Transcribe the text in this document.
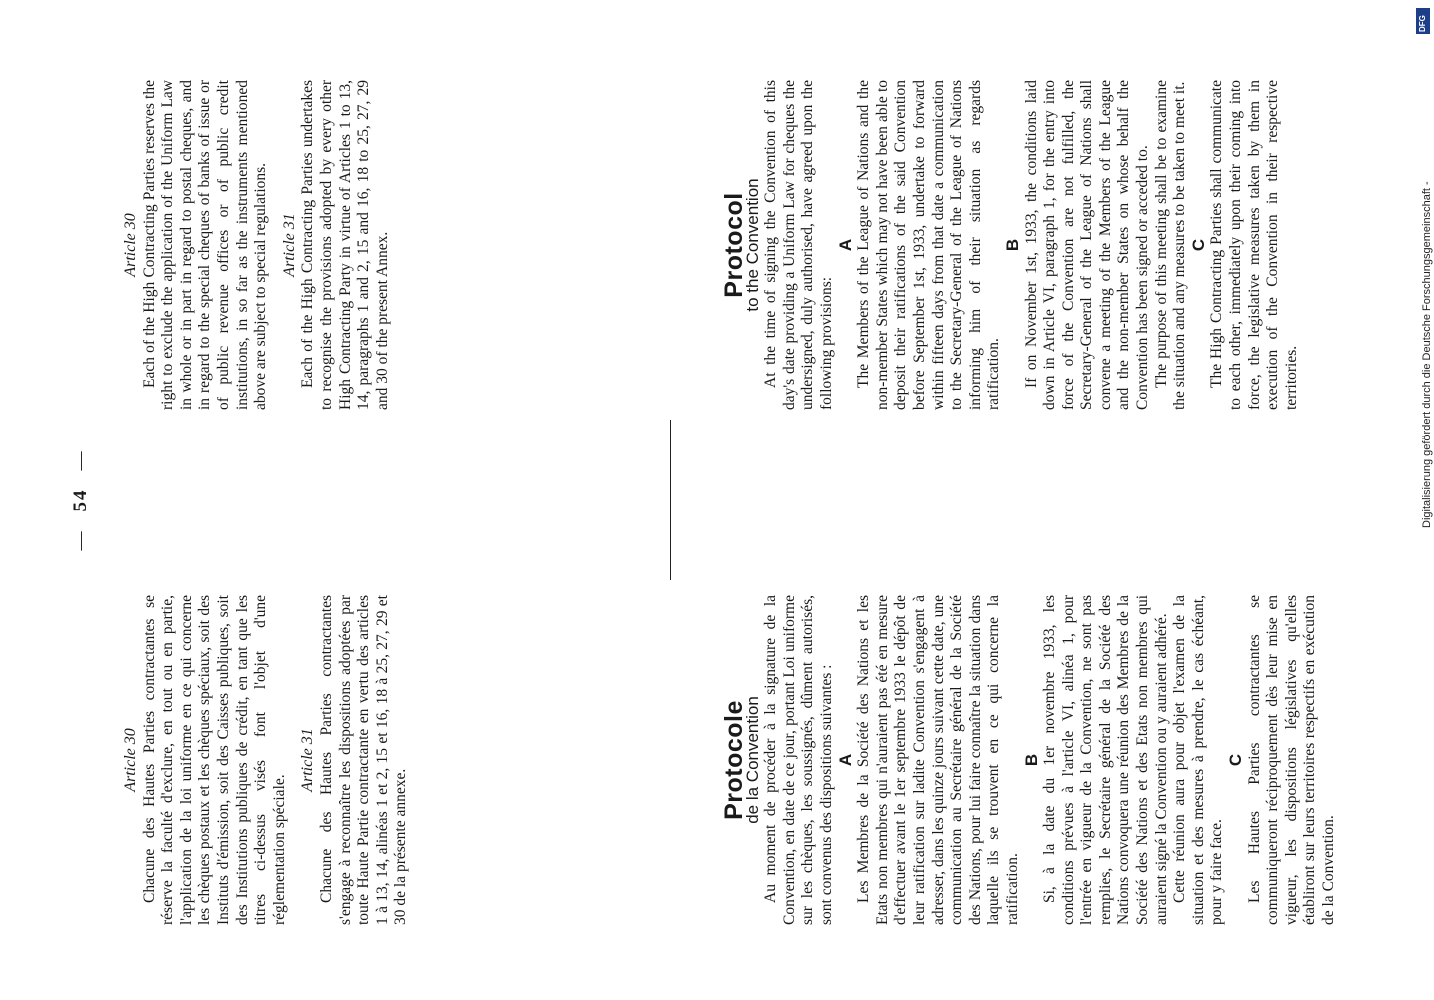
—54—

Article 30 Chacune des Hautes Parties contractantes se réserve la faculté d'exclure, en tout ou en partie, l'application de la loi uniforme en ce qui concerne les chèques postaux et les chèques spéciaux, soit des Instituts d'émission, soit des Caisses publiques, soit des Institutions publiques de crédit, en tant que les titres ci-dessus visés font l'objet d'une réglementation spéciale.

Article 31 Chacune des Hautes Parties contractantes s'engage à reconnaître les dispositions adoptées par toute Haute Partie contractante en vertu des articles 1 à 13, 14, alinéas 1 et 2, 15 et 16, 18 à 25, 27, 29 et 30 de la présente annexe.

Protocole

de la Convention Au moment de procéder à la signature de la Convention, en date de ce jour, portant Loi uniforme sur les chèques, les soussignés, dûment autorisés, sont convenus des dispositions suivantes : A Les Membres de la Société des Nations et les Etats non membres qui n'auraient pas été en mesure d'effectuer avant le 1er septembre 1933 le dépôt de leur ratification sur ladite Convention s'engagent à adresser, dans les quinze jours suivant cette date, une communication au Secrétaire général de la Société des Nations, pour lui faire connaître la situation dans laquelle ils se trouvent en ce qui concerne la ratification.

B Si, à la date du 1er novembre 1933, les conditions prévues à l'article VI, alinéa 1, pour l'entrée en vigueur de la Convention, ne sont pas remplies, le Secrétaire général de la Société des Nations convoquera une réunion des Membres de la Société des Nations et des Etats non membres qui auraient signé la Convention ou y auraient adhéré. Cette réunion aura pour objet l'examen de la situation et des mesures à prendre, le cas échéant, pour y faire face.

C Les Hautes Parties contractantes se communiqueront réciproquement dès leur mise en vigueur, les dispositions législatives qu'elles établiront sur leurs territoires respectifs en exécution de la Convention.

Article 30 Each of the High Contracting Parties reserves the right to exclude the application of the Uniform Law in whole or in part in regard to postal cheques, and in regard to the special cheques of banks of issue or of public revenue offices or of public credit institutions, in so far as the instruments mentioned above are subject to special regulations. Article 31 Each of the High Contracting Parties undertakes to recognise the provisions adopted by every other High Contracting Party in virtue of Articles 1 to 13, 14, paragraphs 1 and 2, 15 and 16, 18 to 25, 27, 29 and 30 of the present Annex.	Protocol

to the Convention At the time of signing the Convention of this day's date providing a Uniform Law for cheques the undersigned, duly authorised, have agreed upon the following provisions:

A The Members of the League of Nations and the non-member States which may not have been able to deposit their ratifications of the said Convention before September 1st, 1933, undertake to forward within fifteen days from that date a communication to the Secretary-General of the League of Nations informing him of their situation as regards ratification.

B If on November 1st, 1933, the conditions laid down in Article VI, paragraph 1, for the entry into force of the Convention are not fulfilled, the Secretary-General of the League of Nations shall convene a meeting of the Members of the League and the non-member States on whose behalf the Convention has been signed or acceded to. The purpose of this meeting shall be to examine the situation and any measures to be taken to meet it. C The High Contracting Parties shall communicate to each other, immediately upon their coming into force, the legislative measures taken by them in execution of the Convention in their respective territories.	Digitalisierung gefördert durch die Deutsche Forschungsgemeinschaft -
DFG
